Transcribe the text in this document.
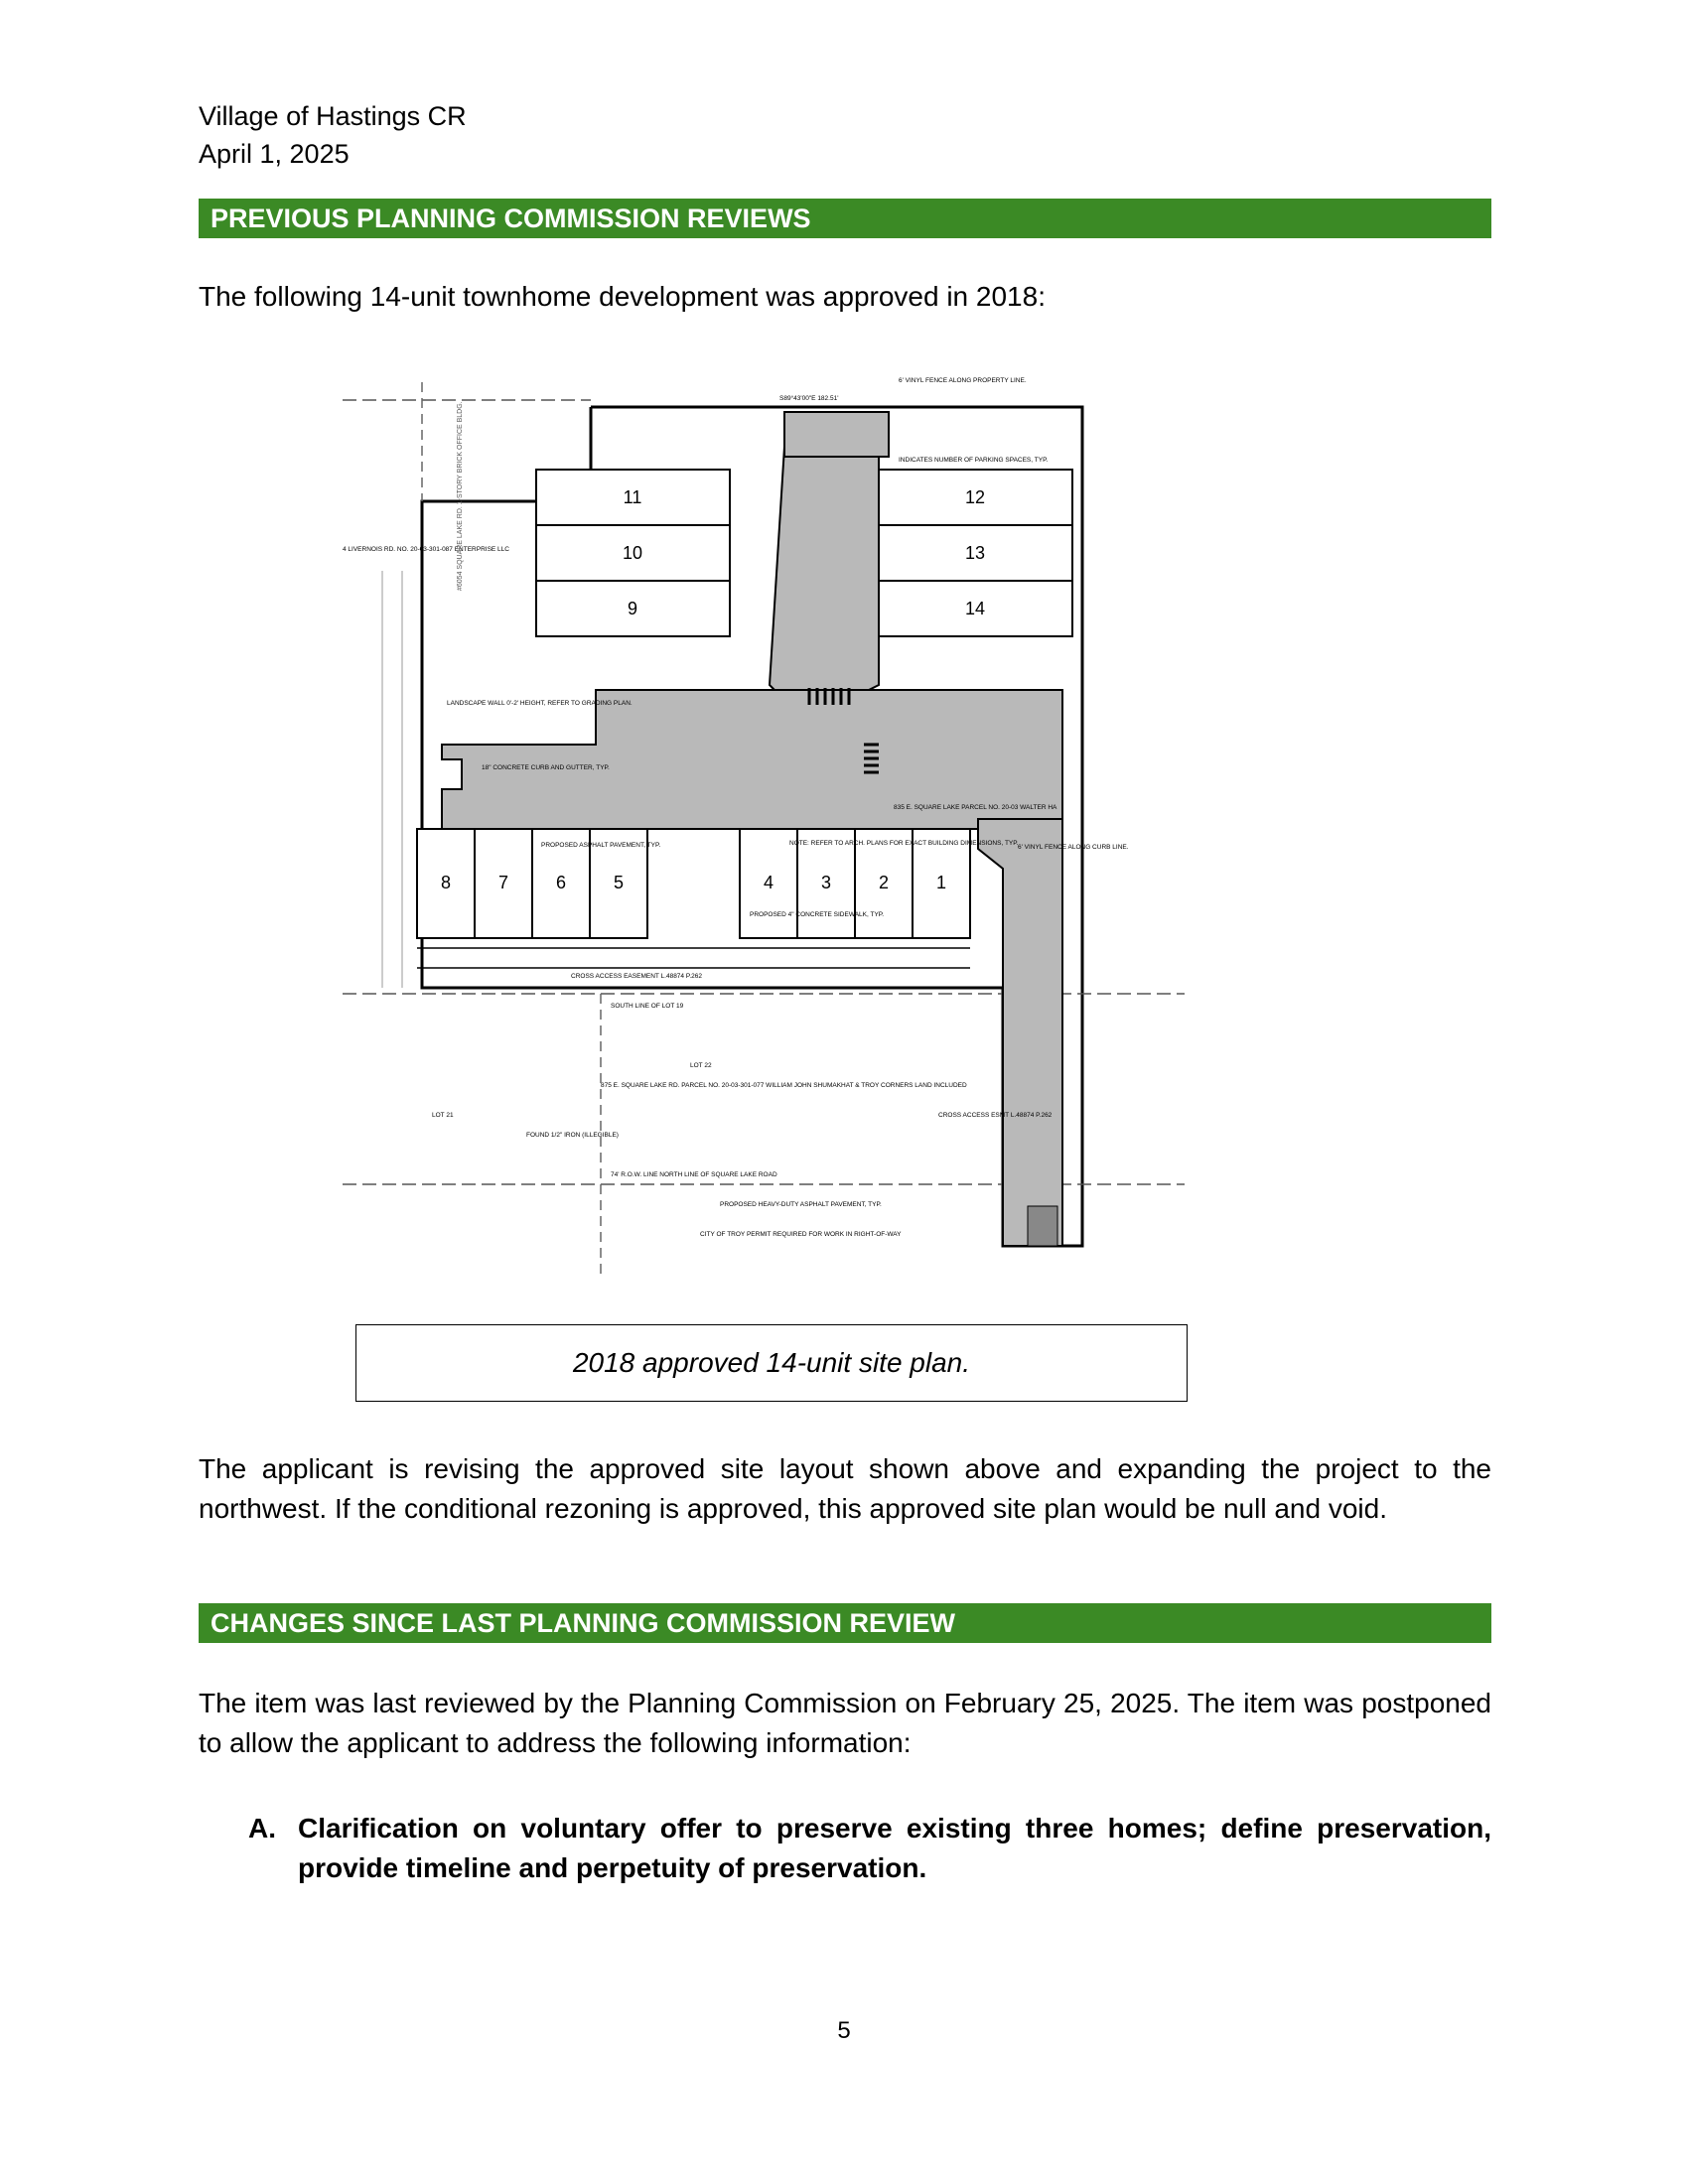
Village of Hastings CR
April 1, 2025
PREVIOUS PLANNING COMMISSION REVIEWS
The following 14-unit townhome development was approved in 2018:
11
10
9
12
13
14
8	7	6	5	4	3	2	1
6' VINYL FENCE ALONG PROPERTY LINE.
S89°43'00"E 182.51'
INDICATES NUMBER OF PARKING SPACES, TYP.
LANDSCAPE WALL 0'-2' HEIGHT, REFER TO GRADING PLAN.
18" CONCRETE CURB AND GUTTER, TYP.
PROPOSED ASPHALT PAVEMENT, TYP.	NOTE: REFER TO ARCH. PLANS FOR EXACT BUILDING DIMENSIONS, TYP.
PROPOSED 4" CONCRETE SIDEWALK, TYP.
6' VINYL FENCE ALONG CURB LINE.
CROSS ACCESS EASEMENT L.48874 P.262
CROSS ACCESS ESMT L.48874 P.262
SOUTH LINE OF LOT 19
875 E. SQUARE LAKE RD. PARCEL NO. 20-03-301-077 WILLIAM JOHN SHUMAKHAT & TROY CORNERS LAND INCLUDED
LOT 22
LOT 21
FOUND 1/2" IRON (ILLEGIBLE)
74' R.O.W. LINE NORTH LINE OF SQUARE LAKE ROAD
PROPOSED HEAVY-DUTY ASPHALT PAVEMENT, TYP.
CITY OF TROY PERMIT REQUIRED FOR WORK IN RIGHT-OF-WAY
4 LIVERNOIS RD. NO. 20-03-301-087 ENTERPRISE LLC
835 E. SQUARE LAKE PARCEL NO. 20-03 WALTER HA
#6054 SQUARE LAKE RD. 1-STORY BRICK OFFICE BLDG.
2018 approved 14-unit site plan.
The applicant is revising the approved site layout shown above and expanding the project to the northwest. If the conditional rezoning is approved, this approved site plan would be null and void.
CHANGES SINCE LAST PLANNING COMMISSION REVIEW
The item was last reviewed by the Planning Commission on February 25, 2025. The item was postponed to allow the applicant to address the following information:
A. Clarification on voluntary offer to preserve existing three homes; define preservation, provide timeline and perpetuity of preservation.
5
